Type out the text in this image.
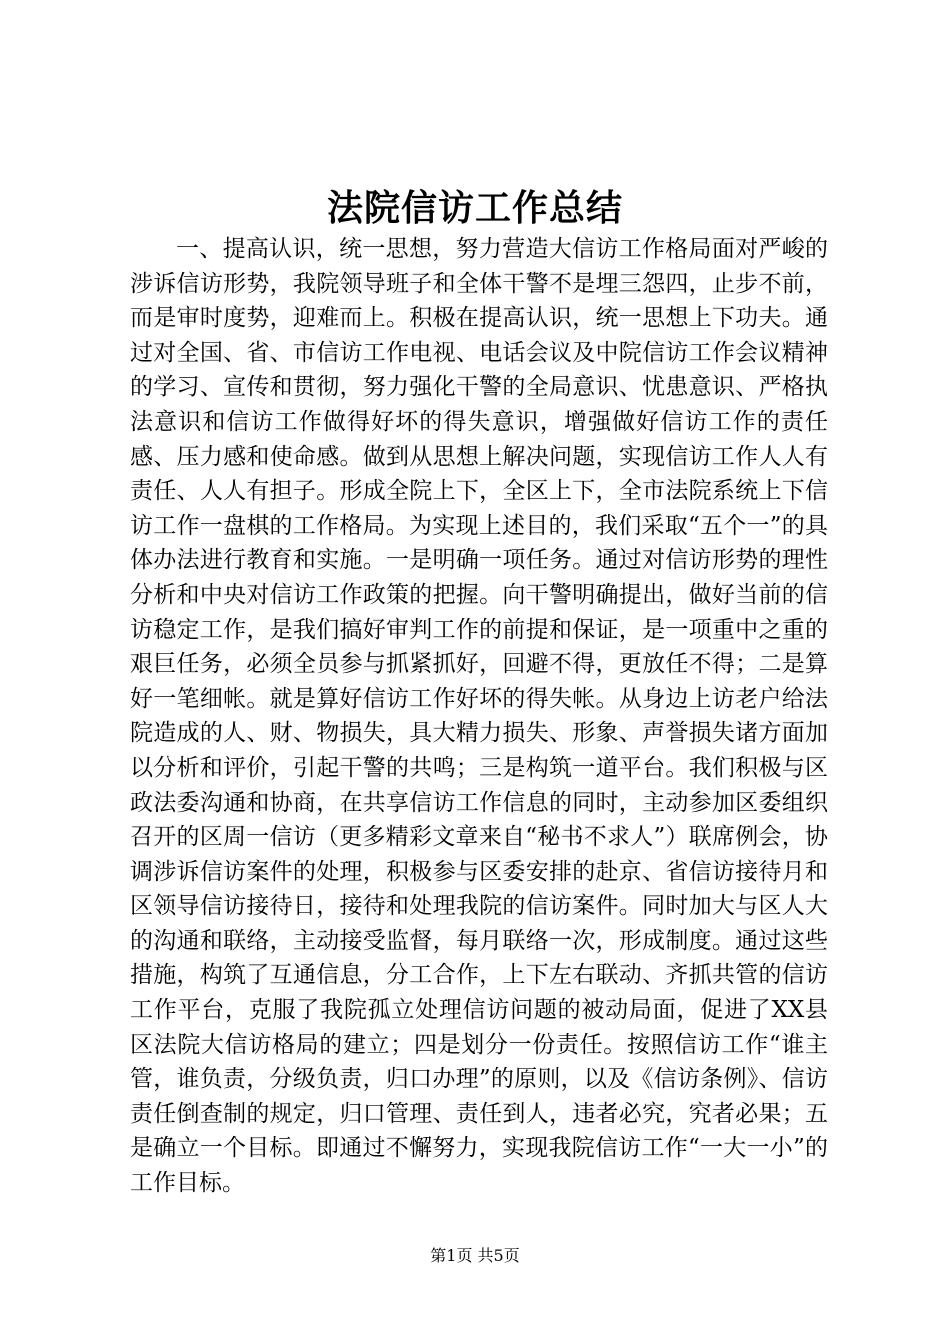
法院信访工作总结

一、提高认识，统一思想，努力营造大信访工作格局面对严峻的涉诉信访形势，我院领导班子和全体干警不是埋三怨四，止步不前，而是审时度势，迎难而上。积极在提高认识，统一思想上下功夫。通过对全国、省、市信访工作电视、电话会议及中院信访工作会议精神的学习、宣传和贯彻，努力强化干警的全局意识、忧患意识、严格执法意识和信访工作做得好坏的得失意识，增强做好信访工作的责任感、压力感和使命感。做到从思想上解决问题，实现信访工作人人有责任、人人有担子。形成全院上下，全区上下，全市法院系统上下信访工作一盘棋的工作格局。为实现上述目的，我们采取“五个一”的具体办法进行教育和实施。一是明确一项任务。通过对信访形势的理性分析和中央对信访工作政策的把握。向干警明确提出，做好当前的信访稳定工作，是我们搞好审判工作的前提和保证，是一项重中之重的艰巨任务，必须全员参与抓紧抓好，回避不得，更放任不得；二是算好一笔细帐。就是算好信访工作好坏的得失帐。从身边上访老户给法院造成的人、财、物损失，具大精力损失、形象、声誉损失诸方面加以分析和评价，引起干警的共鸣；三是构筑一道平台。我们积极与区政法委沟通和协商，在共享信访工作信息的同时，主动参加区委组织召开的区周一信访（更多精彩文章来自“秘书不求人”）联席例会，协调涉诉信访案件的处理，积极参与区委安排的赴京、省信访接待月和区领导信访接待日，接待和处理我院的信访案件。同时加大与区人大的沟通和联络，主动接受监督，每月联络一次，形成制度。通过这些措施，构筑了互通信息，分工合作，上下左右联动、齐抓共管的信访工作平台，克服了我院孤立处理信访问题的被动局面，促进了XX县区法院大信访格局的建立；四是划分一份责任。按照信访工作“谁主管，谁负责，分级负责，归口办理”的原则，以及《信访条例》、信访责任倒查制的规定，归口管理、责任到人，违者必究，究者必果；五是确立一个目标。即通过不懈努力，实现我院信访工作“一大一小”的工作目标。

第1页 共5页
